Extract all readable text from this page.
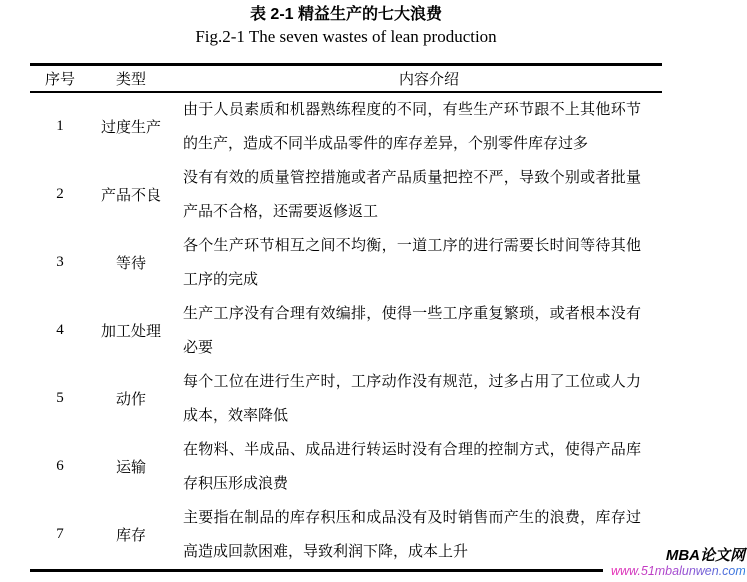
表 2-1 精益生产的七大浪费
Fig.2-1 The seven wastes of lean production
序号	类型	内容介绍
1	过度生产	由于人员素质和机器熟练程度的不同，有些生产环节跟不上其他环节的生产，造成不同半成品零件的库存差异，个别零件库存过多
2	产品不良	没有有效的质量管控措施或者产品质量把控不严，导致个别或者批量产品不合格，还需要返修返工
3	等待	各个生产环节相互之间不均衡，一道工序的进行需要长时间等待其他工序的完成
4	加工处理	生产工序没有合理有效编排，使得一些工序重复繁琐，或者根本没有必要
5	动作	每个工位在进行生产时，工序动作没有规范，过多占用了工位或人力成本，效率降低
6	运输	在物料、半成品、成品进行转运时没有合理的控制方式，使得产品库存积压形成浪费
7	库存	主要指在制品的库存积压和成品没有及时销售而产生的浪费，库存过高造成回款困难，导致利润下降，成本上升	MBA论文网
www.51mbalunwen.com
